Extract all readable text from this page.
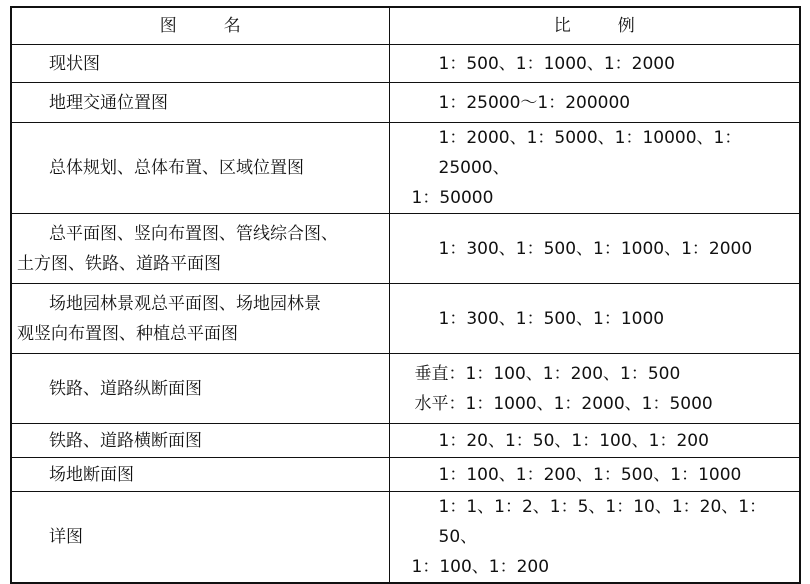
图 名	比 例

现状图	1：500、1：1000、1：2000

地理交通位置图	1：25000～1：200000

总体规划、总体布置、区域位置图	1：2000、1：5000、1：10000、1：25000、
1：50000

总平面图、竖向布置图、管线综合图、
土方图、铁路、道路平面图	1：300、1：500、1：1000、1：2000

场地园林景观总平面图、场地园林景
观竖向布置图、种植总平面图	1：300、1：500、1：1000

铁路、道路纵断面图	垂直：1：100、1：200、1：500
水平：1：1000、1：2000、1：5000

铁路、道路横断面图	1：20、1：50、1：100、1：200

场地断面图	1：100、1：200、1：500、1：1000

详图	1：1、1：2、1：5、1：10、1：20、1：50、
1：100、1：200
